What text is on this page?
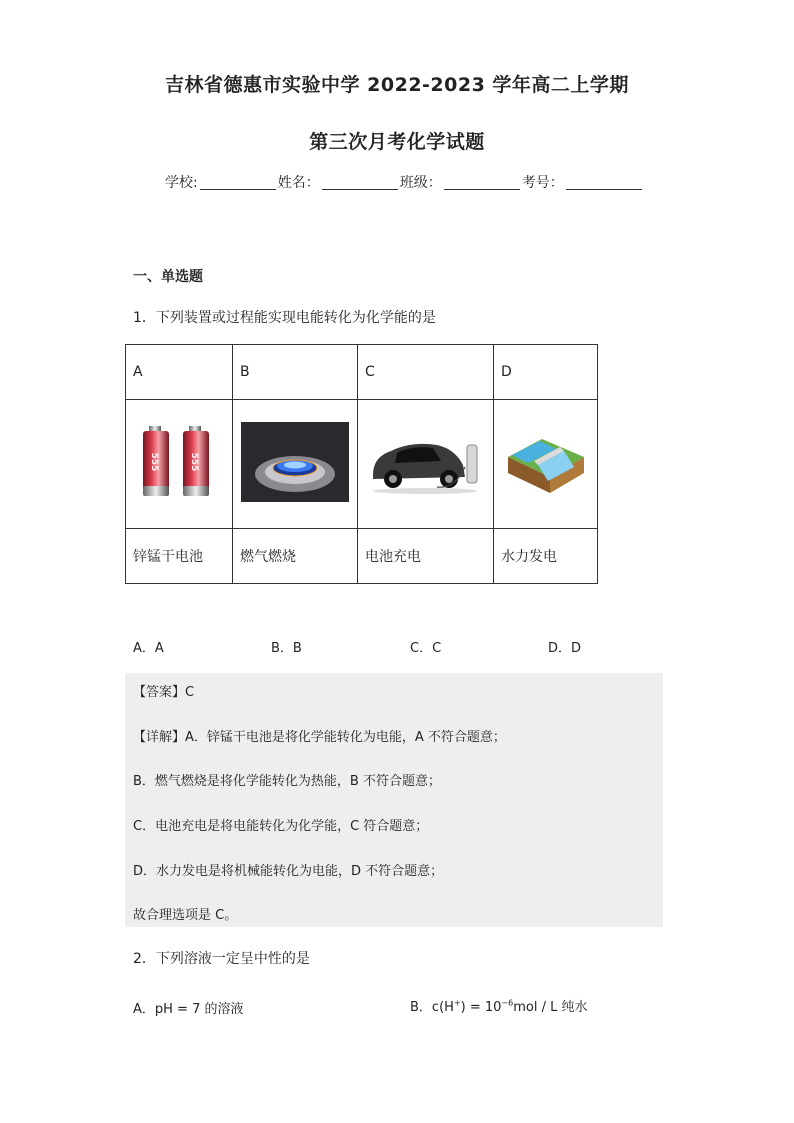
吉林省德惠市实验中学 2022-2023 学年高二上学期
第三次月考化学试题
学校:	姓名：	班级：	考号：
一、单选题
1．下列装置或过程能实现电能转化为化学能的是
A	B	C	D

555 555

锌锰干电池	燃气燃烧	电池充电	水力发电
A．A	B．B	C．C	D．D
【答案】C
【详解】A．锌锰干电池是将化学能转化为电能，A 不符合题意；
B．燃气燃烧是将化学能转化为热能，B 不符合题意；
C．电池充电是将电能转化为化学能，C 符合题意；
D．水力发电是将机械能转化为电能，D 不符合题意；
故合理选项是 C。
2．下列溶液一定呈中性的是
A．pH = 7 的溶液	B．$c(H^+) = 10^{-6}mol / L$ 纯水
